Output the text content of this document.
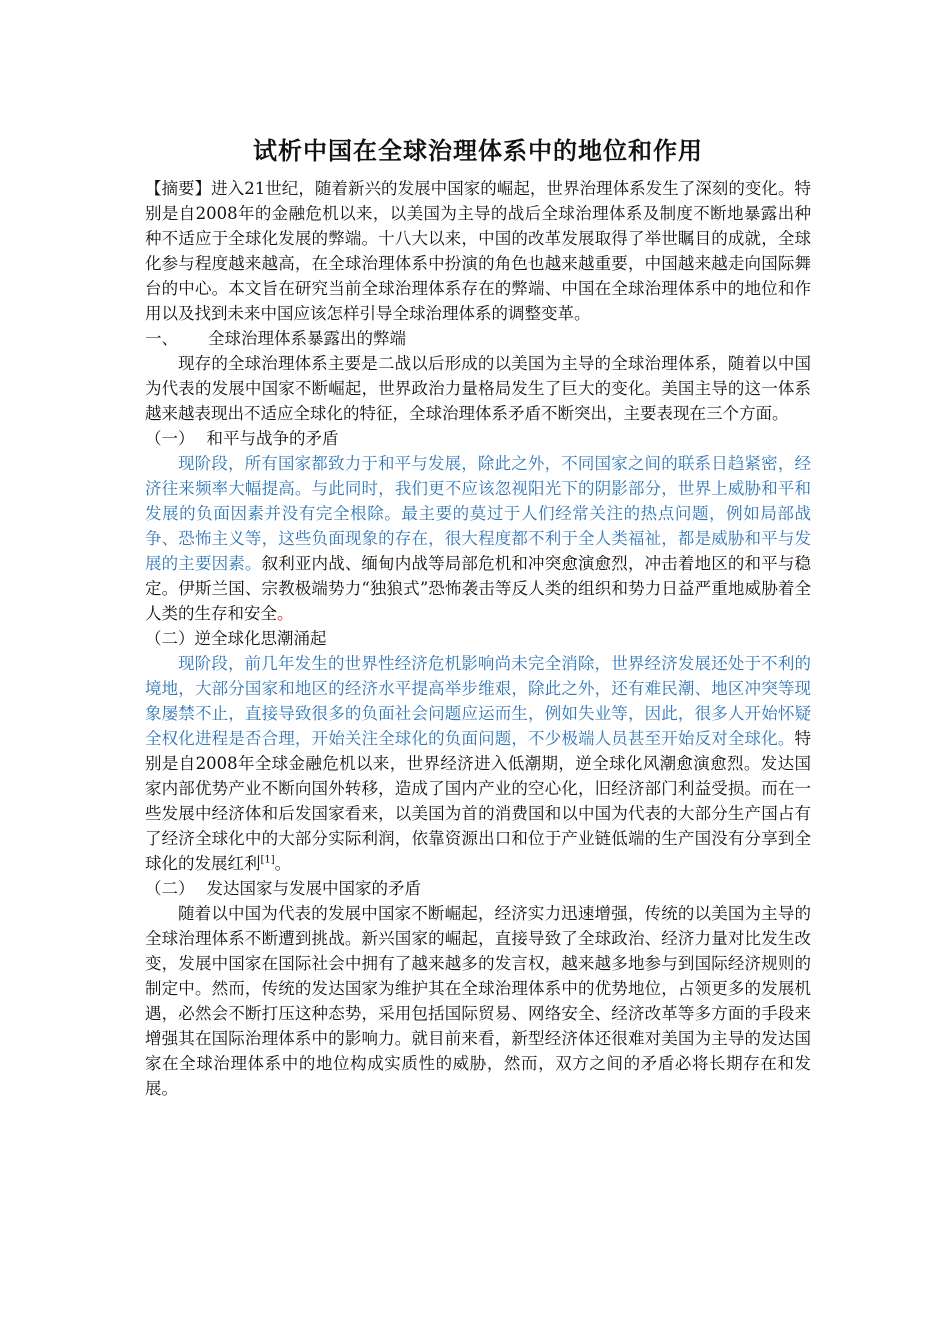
试析中国在全球治理体系中的地位和作用

【摘要】进入21世纪，随着新兴的发展中国家的崛起，世界治理体系发生了深刻的变化。特别是自2008年的金融危机以来，以美国为主导的战后全球治理体系及制度不断地暴露出种种不适应于全球化发展的弊端。十八大以来，中国的改革发展取得了举世瞩目的成就，全球化参与程度越来越高，在全球治理体系中扮演的角色也越来越重要，中国越来越走向国际舞台的中心。本文旨在研究当前全球治理体系存在的弊端、中国在全球治理体系中的地位和作用以及找到未来中国应该怎样引导全球治理体系的调整变革。

一、 全球治理体系暴露出的弊端

现存的全球治理体系主要是二战以后形成的以美国为主导的全球治理体系，随着以中国为代表的发展中国家不断崛起，世界政治力量格局发生了巨大的变化。美国主导的这一体系越来越表现出不适应全球化的特征，全球治理体系矛盾不断突出，主要表现在三个方面。

（一） 和平与战争的矛盾

现阶段，所有国家都致力于和平与发展，除此之外，不同国家之间的联系日趋紧密，经济往来频率大幅提高。与此同时，我们更不应该忽视阳光下的阴影部分，世界上威胁和平和发展的负面因素并没有完全根除。最主要的莫过于人们经常关注的热点问题，例如局部战争、恐怖主义等，这些负面现象的存在，很大程度都不利于全人类福祉，都是威胁和平与发展的主要因素。叙利亚内战、缅甸内战等局部危机和冲突愈演愈烈，冲击着地区的和平与稳定。伊斯兰国、宗教极端势力“独狼式”恐怖袭击等反人类的组织和势力日益严重地威胁着全人类的生存和安全。

（二）逆全球化思潮涌起

现阶段，前几年发生的世界性经济危机影响尚未完全消除，世界经济发展还处于不利的境地，大部分国家和地区的经济水平提高举步维艰，除此之外，还有难民潮、地区冲突等现象屡禁不止，直接导致很多的负面社会问题应运而生，例如失业等，因此，很多人开始怀疑全权化进程是否合理，开始关注全球化的负面问题，不少极端人员甚至开始反对全球化。特别是自2008年全球金融危机以来，世界经济进入低潮期，逆全球化风潮愈演愈烈。发达国家内部优势产业不断向国外转移，造成了国内产业的空心化，旧经济部门利益受损。而在一些发展中经济体和后发国家看来，以美国为首的消费国和以中国为代表的大部分生产国占有了经济全球化中的大部分实际利润，依靠资源出口和位于产业链低端的生产国没有分享到全球化的发展红利[1]。

（二） 发达国家与发展中国家的矛盾

随着以中国为代表的发展中国家不断崛起，经济实力迅速增强，传统的以美国为主导的全球治理体系不断遭到挑战。新兴国家的崛起，直接导致了全球政治、经济力量对比发生改变，发展中国家在国际社会中拥有了越来越多的发言权，越来越多地参与到国际经济规则的制定中。然而，传统的发达国家为维护其在全球治理体系中的优势地位，占领更多的发展机遇，必然会不断打压这种态势，采用包括国际贸易、网络安全、经济改革等多方面的手段来增强其在国际治理体系中的影响力。就目前来看，新型经济体还很难对美国为主导的发达国家在全球治理体系中的地位构成实质性的威胁，然而，双方之间的矛盾必将长期存在和发展。
